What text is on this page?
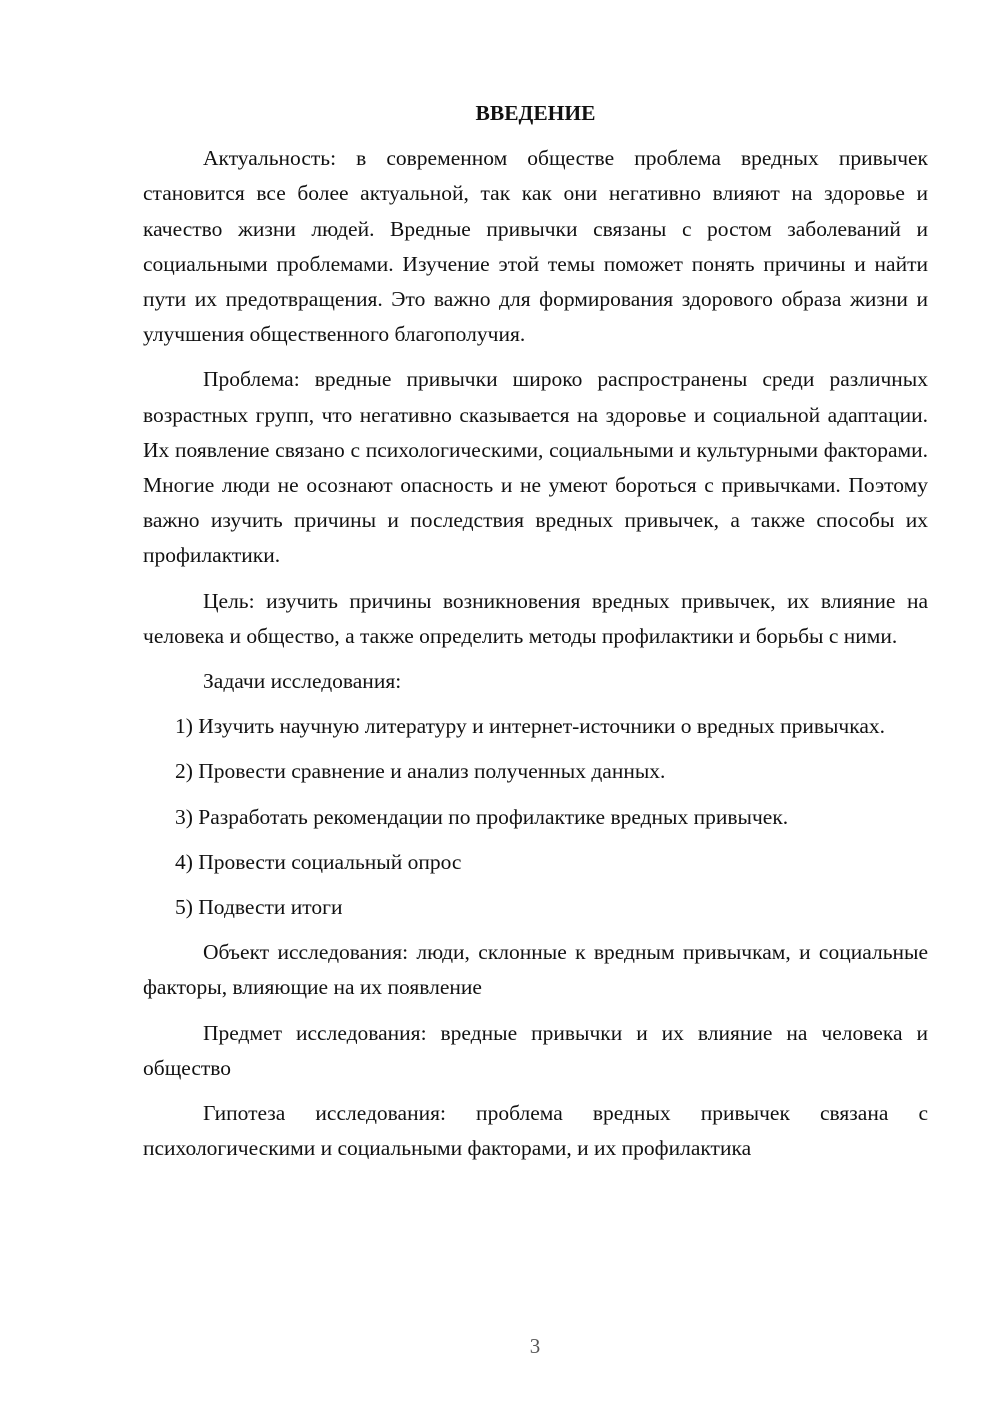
ВВЕДЕНИЕ
Актуальность: в современном обществе проблема вредных привычек становится все более актуальной, так как они негативно влияют на здоровье и качество жизни людей. Вредные привычки связаны с ростом заболеваний и социальными проблемами. Изучение этой темы поможет понять причины и найти пути их предотвращения. Это важно для формирования здорового образа жизни и улучшения общественного благополучия.
Проблема: вредные привычки широко распространены среди различных возрастных групп, что негативно сказывается на здоровье и социальной адаптации. Их появление связано с психологическими, социальными и культурными факторами. Многие люди не осознают опасность и не умеют бороться с привычками. Поэтому важно изучить причины и последствия вредных привычек, а также способы их профилактики.
Цель: изучить причины возникновения вредных привычек, их влияние на человека и общество, а также определить методы профилактики и борьбы с ними.
Задачи исследования:
1) Изучить научную литературу и интернет-источники о вредных привычках.
2) Провести сравнение и анализ полученных данных.
3) Разработать рекомендации по профилактике вредных привычек.
4) Провести социальный опрос
5) Подвести итоги
Объект исследования: люди, склонные к вредным привычкам, и социальные факторы, влияющие на их появление
Предмет исследования: вредные привычки и их влияние на человека и общество
Гипотеза исследования: проблема вредных привычек связана с психологическими и социальными факторами, и их профилактика
3
